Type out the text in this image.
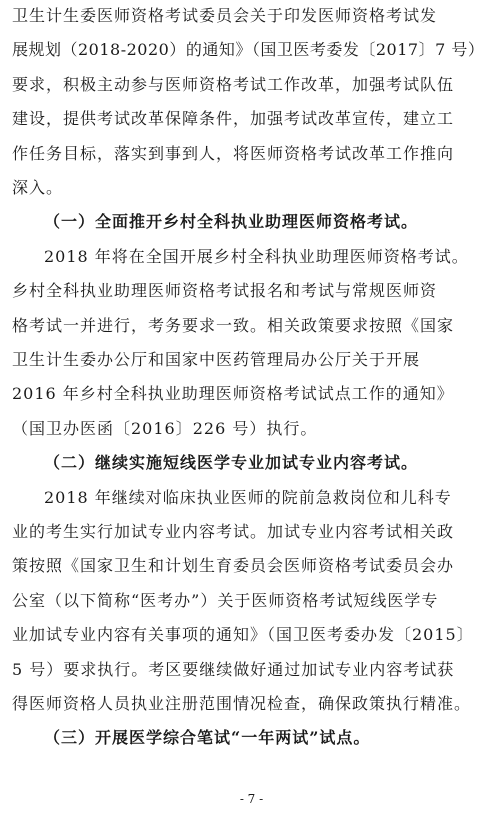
卫生计生委医师资格考试委员会关于印发医师资格考试发
展规划（2018-2020）的通知》（国卫医考委发〔2017〕7 号）
要求，积极主动参与医师资格考试工作改革，加强考试队伍
建设，提供考试改革保障条件，加强考试改革宣传，建立工
作任务目标，落实到事到人，将医师资格考试改革工作推向
深入。
（一）全面推开乡村全科执业助理医师资格考试。
2018 年将在全国开展乡村全科执业助理医师资格考试。
乡村全科执业助理医师资格考试报名和考试与常规医师资
格考试一并进行，考务要求一致。相关政策要求按照《国家
卫生计生委办公厅和国家中医药管理局办公厅关于开展
2016 年乡村全科执业助理医师资格考试试点工作的通知》
（国卫办医函〔2016〕226 号）执行。
（二）继续实施短线医学专业加试专业内容考试。
2018 年继续对临床执业医师的院前急救岗位和儿科专
业的考生实行加试专业内容考试。加试专业内容考试相关政
策按照《国家卫生和计划生育委员会医师资格考试委员会办
公室（以下简称“医考办”）关于医师资格考试短线医学专
业加试专业内容有关事项的通知》（国卫医考委办发〔2015〕
5 号）要求执行。考区要继续做好通过加试专业内容考试获
得医师资格人员执业注册范围情况检查，确保政策执行精准。
（三）开展医学综合笔试“一年两试”试点。
- 7 -
